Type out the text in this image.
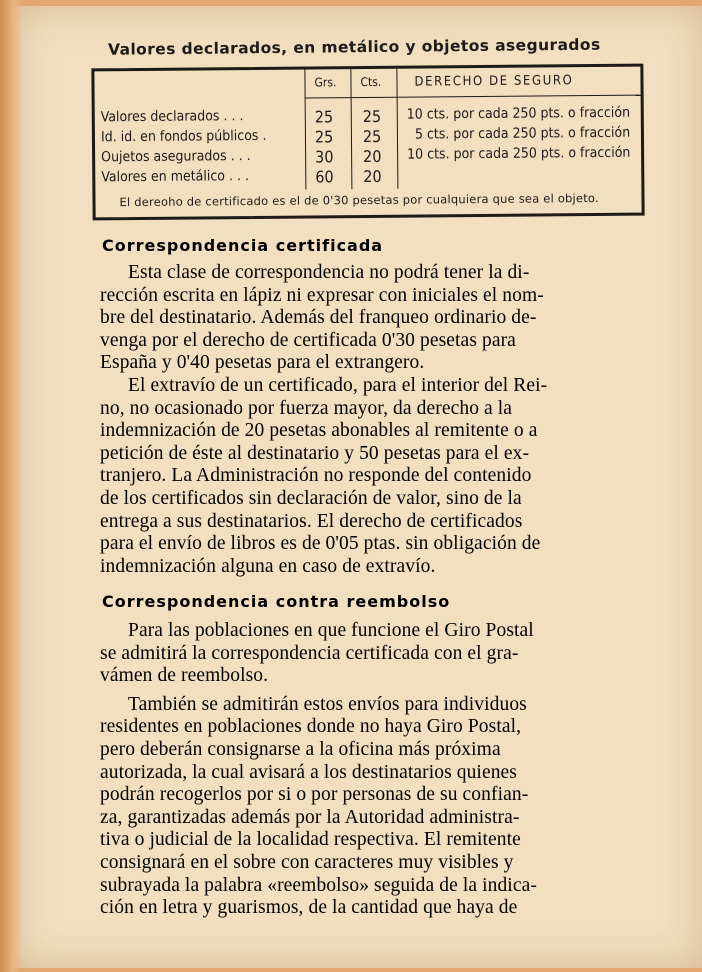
Valores declarados, en metálico y objetos asegurados
Grs. Cts.	DERECHO DE SEGURO
Valores declarados . . .	25 25 10 cts. por cada 250 pts. o fracción
Id. id. en fondos públicos .	25 25 5 cts. por cada 250 pts. o fracción
Oujetos asegurados . . .	30 20 10 cts. por cada 250 pts. o fracción
Valores en metálico . . .	60 20
El dereoho de certificado es el de 0'30 pesetas por cualquiera que sea el objeto.
Correspondencia certificada
Esta clase de correspondencia no podrá tener la di-
rección escrita en lápiz ni expresar con iniciales el nom-
bre del destinatario. Además del franqueo ordinario de-
venga por el derecho de certificada 0'30 pesetas para
España y 0'40 pesetas para el extrangero.
El extravío de un certificado, para el interior del Rei-
no, no ocasionado por fuerza mayor, da derecho a la
indemnización de 20 pesetas abonables al remitente o a
petición de éste al destinatario y 50 pesetas para el ex-
tranjero. La Administración no responde del contenido
de los certificados sin declaración de valor, sino de la
entrega a sus destinatarios. El derecho de certificados
para el envío de libros es de 0'05 ptas. sin obligación de
indemnización alguna en caso de extravío.
Correspondencia contra reembolso
Para las poblaciones en que funcione el Giro Postal
se admitirá la correspondencia certificada con el gra-
vámen de reembolso.
También se admitirán estos envíos para individuos
residentes en poblaciones donde no haya Giro Postal,
pero deberán consignarse a la oficina más próxima
autorizada, la cual avisará a los destinatarios quienes
podrán recogerlos por si o por personas de su confian-
za, garantizadas además por la Autoridad administra-
tiva o judicial de la localidad respectiva. El remitente
consignará en el sobre con caracteres muy visibles y
subrayada la palabra «reembolso» seguida de la indica-
ción en letra y guarismos, de la cantidad que haya de
